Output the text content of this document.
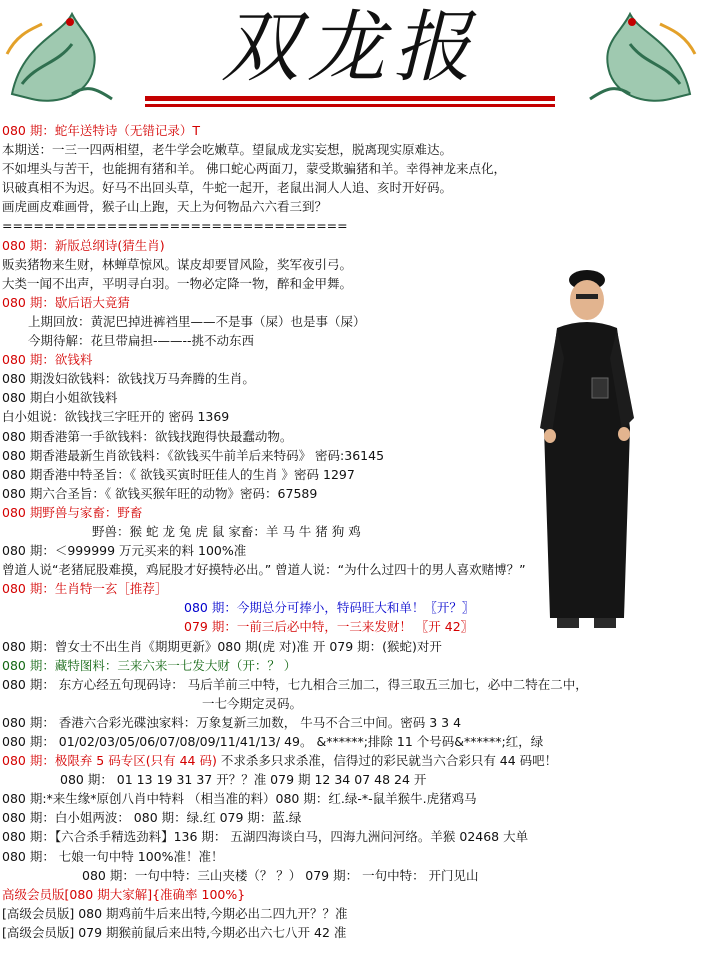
双龙报
080 期：蛇年送特诗（无错记录）T
本期送：一三一四两相望，老牛学会吃嫩草。望鼠成龙实妄想，脱离现实原难达。
不如埋头与苦干，也能拥有猪和羊。 佛口蛇心两面刀，蒙受欺骗猪和羊。幸得神龙来点化，
识破真相不为迟。好马不出回头草，牛蛇一起开，老鼠出洞人人追、亥时开好码。
画虎画皮难画骨，猴子山上跑，天上为何物品六六看三到？
=================================
080 期：新版总纲诗(猜生肖)
贩卖猪物来生财，林蝉草惊风。谋皮却要冒风险，奖军夜引弓。
大类一闻不出声，平明寻白羽。一物必定降一物，醉和金甲舞。
080 期：歇后语大竟猜
上期回放：黄泥巴掉进裤裆里——不是事（屎）也是事（屎）
今期待解：花旦带扁担-——--挑不动东西
080 期：欲钱料
080 期泼妇欲钱料：欲钱找万马奔腾的生肖。
080 期白小姐欲钱料
白小姐说：欲钱找三字旺开的 密码 1369
080 期香港第一手欲钱料：欲钱找跑得快最蠢动物。
080 期香港最新生肖欲钱料：《欲钱买牛前羊后来特码》 密码:36145
080 期香港中特圣旨：《 欲钱买寅时旺佳人的生肖 》密码 1297
080 期六合圣旨：《 欲钱买猴年旺的动物》密码：67589
080 期野兽与家畜：野畜
野兽：猴 蛇 龙 兔 虎 鼠 家畜：羊 马 牛 猪 狗 鸡
080 期：＜999999 万元买来的料 100%准
曾道人说“老猪屁股难摸，鸡屁股才好摸特必出。” 曾道人说：“为什么过四十的男人喜欢赌博？”
080 期：生肖特一玄［推荐］
080 期：今期总分可捧小，特码旺大和单！〖开？〗
079 期：一前三后必中特，一三来发财！ 〖开 42〗
080 期：曾女士不出生肖《期期更新》080 期(虎 对)准 开 079 期：(猴蛇)对开
080 期：藏特图料：三来六来一七发大财（开：？ ）
080 期： 东方心经五句现码诗： 马后羊前三中特，七九相合三加二，得三取五三加七，必中二特在二中，
一七今期定灵码。
080 期： 香港六合彩光碟浊家料：万象复新三加数， 牛马不合三中间。密码 3 3 4
080 期： 01/02/03/05/06/07/08/09/11/41/13/ 49。 &******;排除 11 个号码&******;红，绿
080 期：极限弃 5 码专区(只有 44 码) 不求杀多只求杀准，信得过的彩民就当六合彩只有 44 码吧！
080 期： 01 13 19 31 37 开？？准 079 期 12 34 07 48 24 开
080 期:*来生缘*原创八肖中特料 （相当准的料）080 期：红.绿-*-鼠羊猴牛.虎猪鸡马
080 期：白小姐两波： 080 期：绿.红 079 期：蓝.绿
080 期：【六合杀手精选劲料】136 期： 五湖四海谈白马，四海九洲问河络。羊猴 02468 大单
080 期： 七娘一句中特 100%准！准！
080 期：一句中特：三山夹楼（？ ？） 079 期： 一句中特： 开门见山
高级会员版[080 期大家解]{准确率 100%}
[高级会员版] 080 期鸡前牛后来出特,今期必出二四九开？？准
[高级会员版] 079 期猴前鼠后来出特,今期必出六七八开 42 准
